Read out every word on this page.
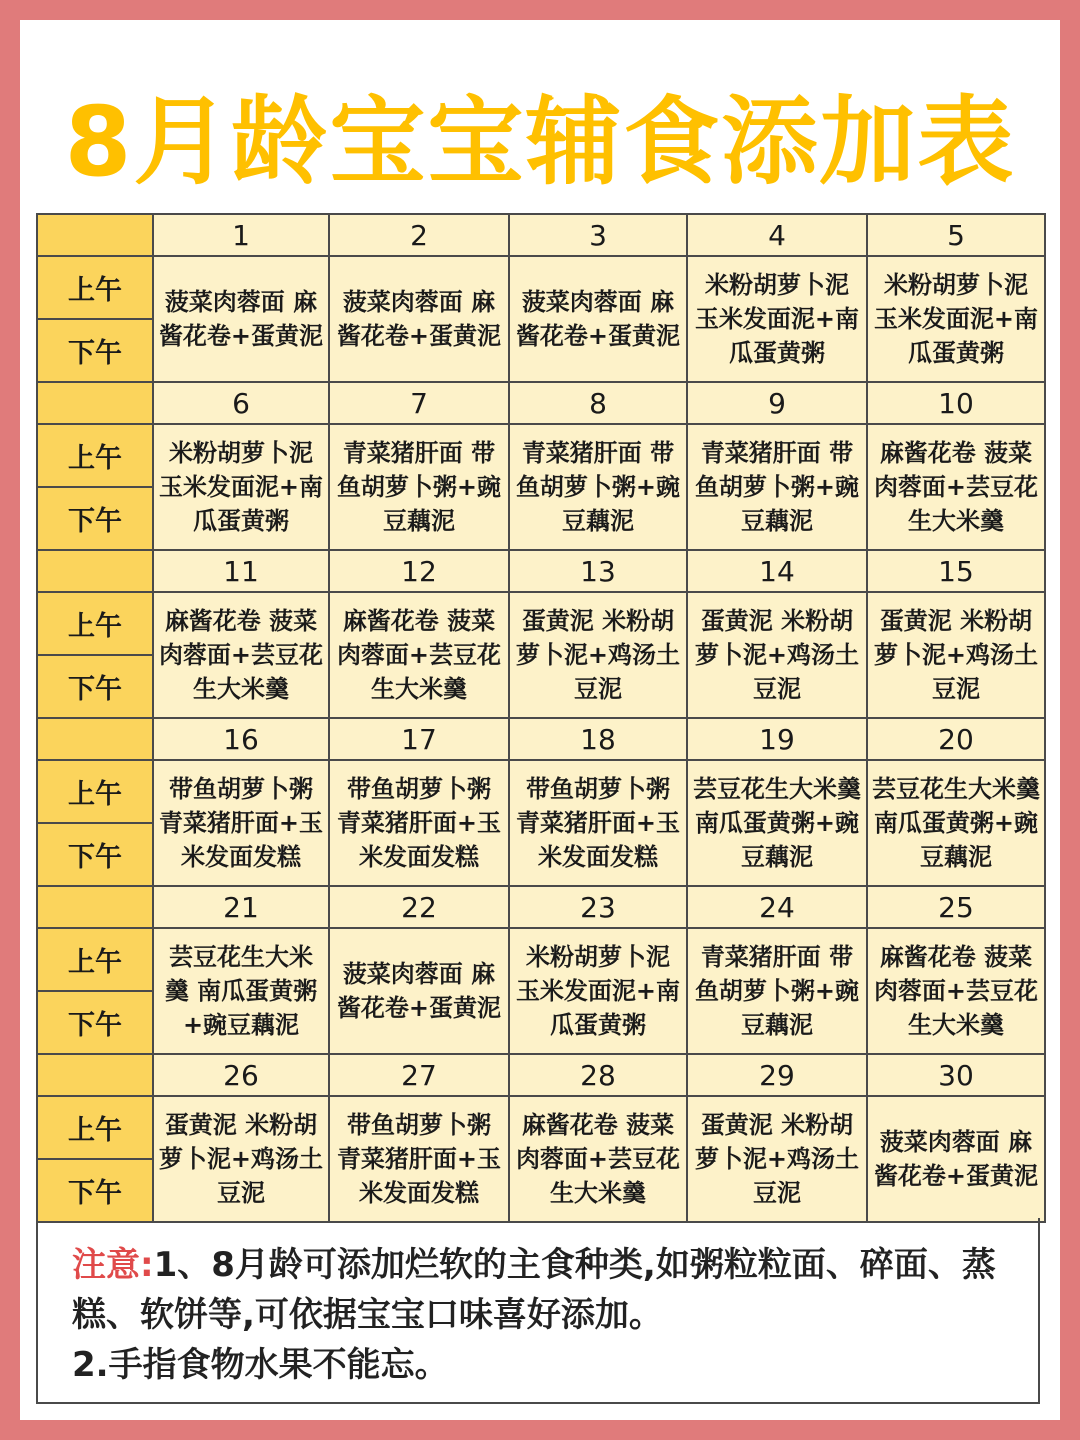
8月龄宝宝辅食添加表
	1	2	3	4	5
上午	菠菜肉蓉面 麻酱花卷+蛋黄泥	菠菜肉蓉面 麻酱花卷+蛋黄泥	菠菜肉蓉面 麻酱花卷+蛋黄泥	米粉胡萝卜泥 玉米发面泥+南瓜蛋黄粥	米粉胡萝卜泥 玉米发面泥+南瓜蛋黄粥

下午					
	6	7	8	9	10
上午	米粉胡萝卜泥 玉米发面泥+南瓜蛋黄粥	青菜猪肝面 带鱼胡萝卜粥+豌豆藕泥	青菜猪肝面 带鱼胡萝卜粥+豌豆藕泥	青菜猪肝面 带鱼胡萝卜粥+豌豆藕泥	麻酱花卷 菠菜肉蓉面+芸豆花生大米羹

下午					
	11	12	13	14	15
上午	麻酱花卷 菠菜肉蓉面+芸豆花生大米羹	麻酱花卷 菠菜肉蓉面+芸豆花生大米羹	蛋黄泥 米粉胡萝卜泥+鸡汤土豆泥	蛋黄泥 米粉胡萝卜泥+鸡汤土豆泥	蛋黄泥 米粉胡萝卜泥+鸡汤土豆泥

下午					
	16	17	18	19	20
上午	带鱼胡萝卜粥 青菜猪肝面+玉米发面发糕	带鱼胡萝卜粥 青菜猪肝面+玉米发面发糕	带鱼胡萝卜粥 青菜猪肝面+玉米发面发糕	芸豆花生大米羹 南瓜蛋黄粥+豌豆藕泥	芸豆花生大米羹 南瓜蛋黄粥+豌豆藕泥

下午					
	21	22	23	24	25
上午	芸豆花生大米羹 南瓜蛋黄粥+豌豆藕泥	菠菜肉蓉面 麻酱花卷+蛋黄泥	米粉胡萝卜泥 玉米发面泥+南瓜蛋黄粥	青菜猪肝面 带鱼胡萝卜粥+豌豆藕泥	麻酱花卷 菠菜肉蓉面+芸豆花生大米羹

下午					
	26	27	28	29	30
上午	蛋黄泥 米粉胡萝卜泥+鸡汤土豆泥	带鱼胡萝卜粥 青菜猪肝面+玉米发面发糕	麻酱花卷 菠菜肉蓉面+芸豆花生大米羹	蛋黄泥 米粉胡萝卜泥+鸡汤土豆泥	菠菜肉蓉面 麻酱花卷+蛋黄泥

下午					
注意:1、8月龄可添加烂软的主食种类,如粥粒粒面、碎面、蒸糕、软饼等,可依据宝宝口味喜好添加。
2.手指食物水果不能忘。
